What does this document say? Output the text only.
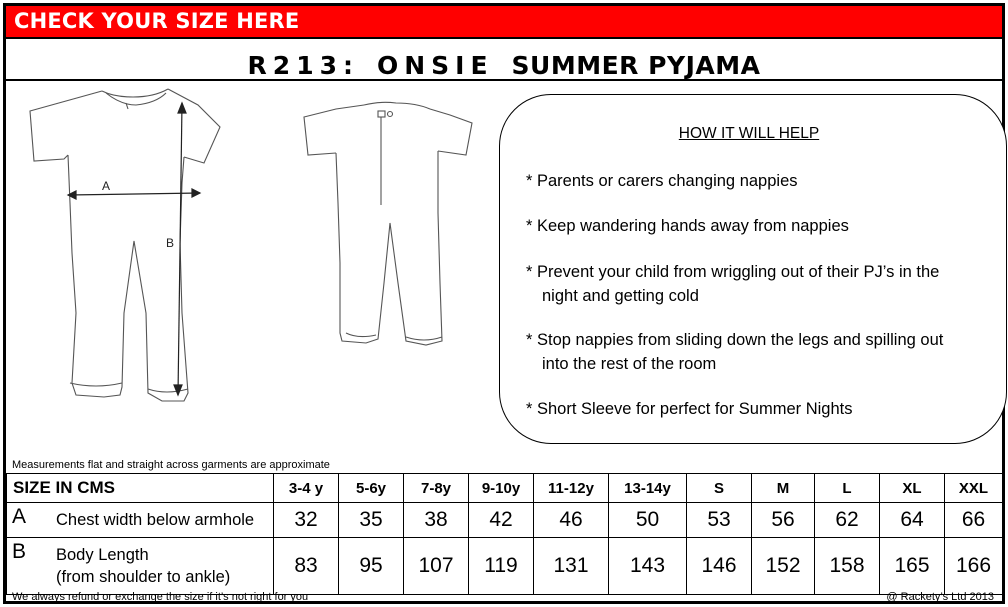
CHECK YOUR SIZE HERE
R213: ONSIE SUMMER PYJAMA
A
B
HOW IT WILL HELP
* Parents or carers changing nappies
* Keep wandering hands away from nappies
* Prevent your child from wriggling out of their PJ’s in the
night and getting cold
* Stop nappies from sliding down the legs and spilling out
into the rest of the room
* Short Sleeve for perfect for Summer Nights
Measurements flat and straight across garments are approximate
SIZE IN CMS	3-4 y	5-6y	7-8y	9-10y	11-12y	13-14y	S	M	L	XL	XXL

A Chest width below armhole	32	35	38	42	46	50	53	56	62	64	66

B Body Length
(from shoulder to ankle)	83	95	107	119	131	143	146	152	158	165	166
We always refund or exchange the size if it’s not right for you	@ Rackety’s Ltd 2013
